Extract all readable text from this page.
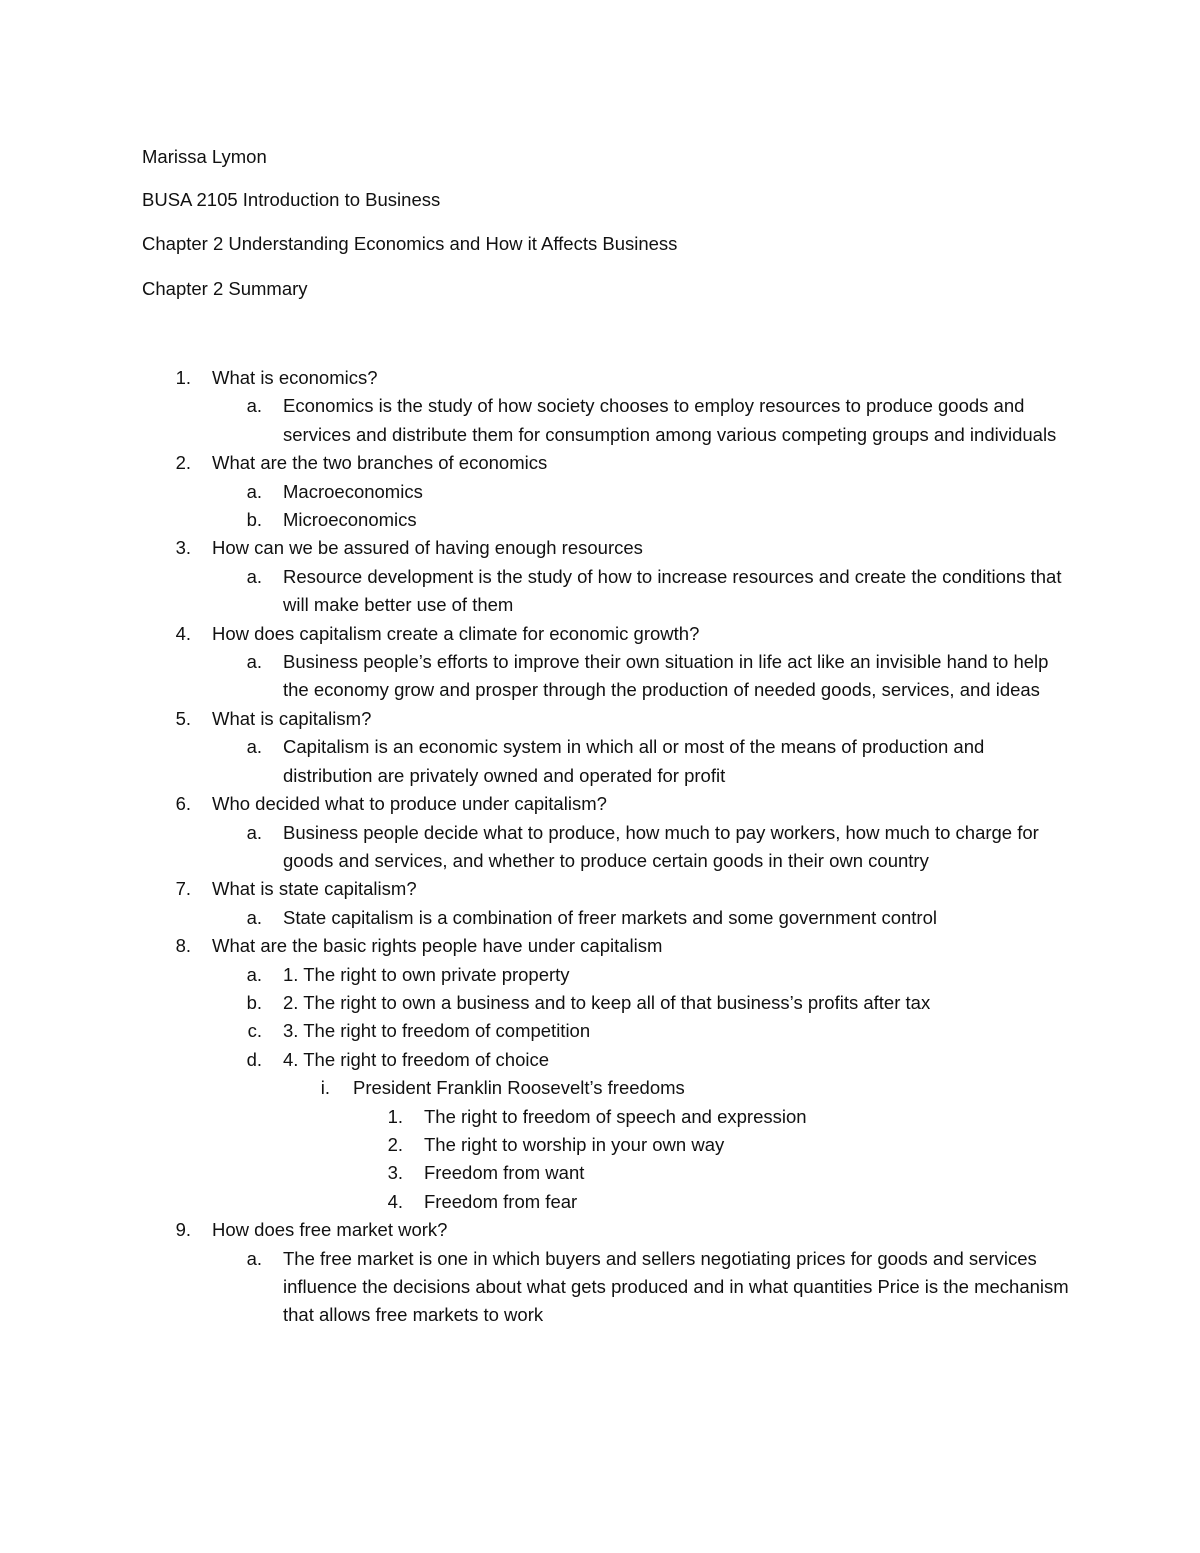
Marissa Lymon
BUSA 2105 Introduction to Business
Chapter 2 Understanding Economics and How it Affects Business
Chapter 2 Summary
1. What is economics?
a. Economics is the study of how society chooses to employ resources to produce goods and services and distribute them for consumption among various competing groups and individuals
2. What are the two branches of economics
a. Macroeconomics
b. Microeconomics
3. How can we be assured of having enough resources
a. Resource development is the study of how to increase resources and create the conditions that will make better use of them
4. How does capitalism create a climate for economic growth?
a. Business people’s efforts to improve their own situation in life act like an invisible hand to help the economy grow and prosper through the production of needed goods, services, and ideas
5. What is capitalism?
a. Capitalism is an economic system in which all or most of the means of production and distribution are privately owned and operated for profit
6. Who decided what to produce under capitalism?
a. Business people decide what to produce, how much to pay workers, how much to charge for goods and services, and whether to produce certain goods in their own country
7. What is state capitalism?
a. State capitalism is a combination of freer markets and some government control
8. What are the basic rights people have under capitalism
a. 1. The right to own private property
b. 2. The right to own a business and to keep all of that business’s profits after tax
c. 3. The right to freedom of competition
d. 4. The right to freedom of choice
i. President Franklin Roosevelt’s freedoms
1. The right to freedom of speech and expression
2. The right to worship in your own way
3. Freedom from want
4. Freedom from fear
9. How does free market work?
a. The free market is one in which buyers and sellers negotiating prices for goods and services influence the decisions about what gets produced and in what quantities Price is the mechanism that allows free markets to work
